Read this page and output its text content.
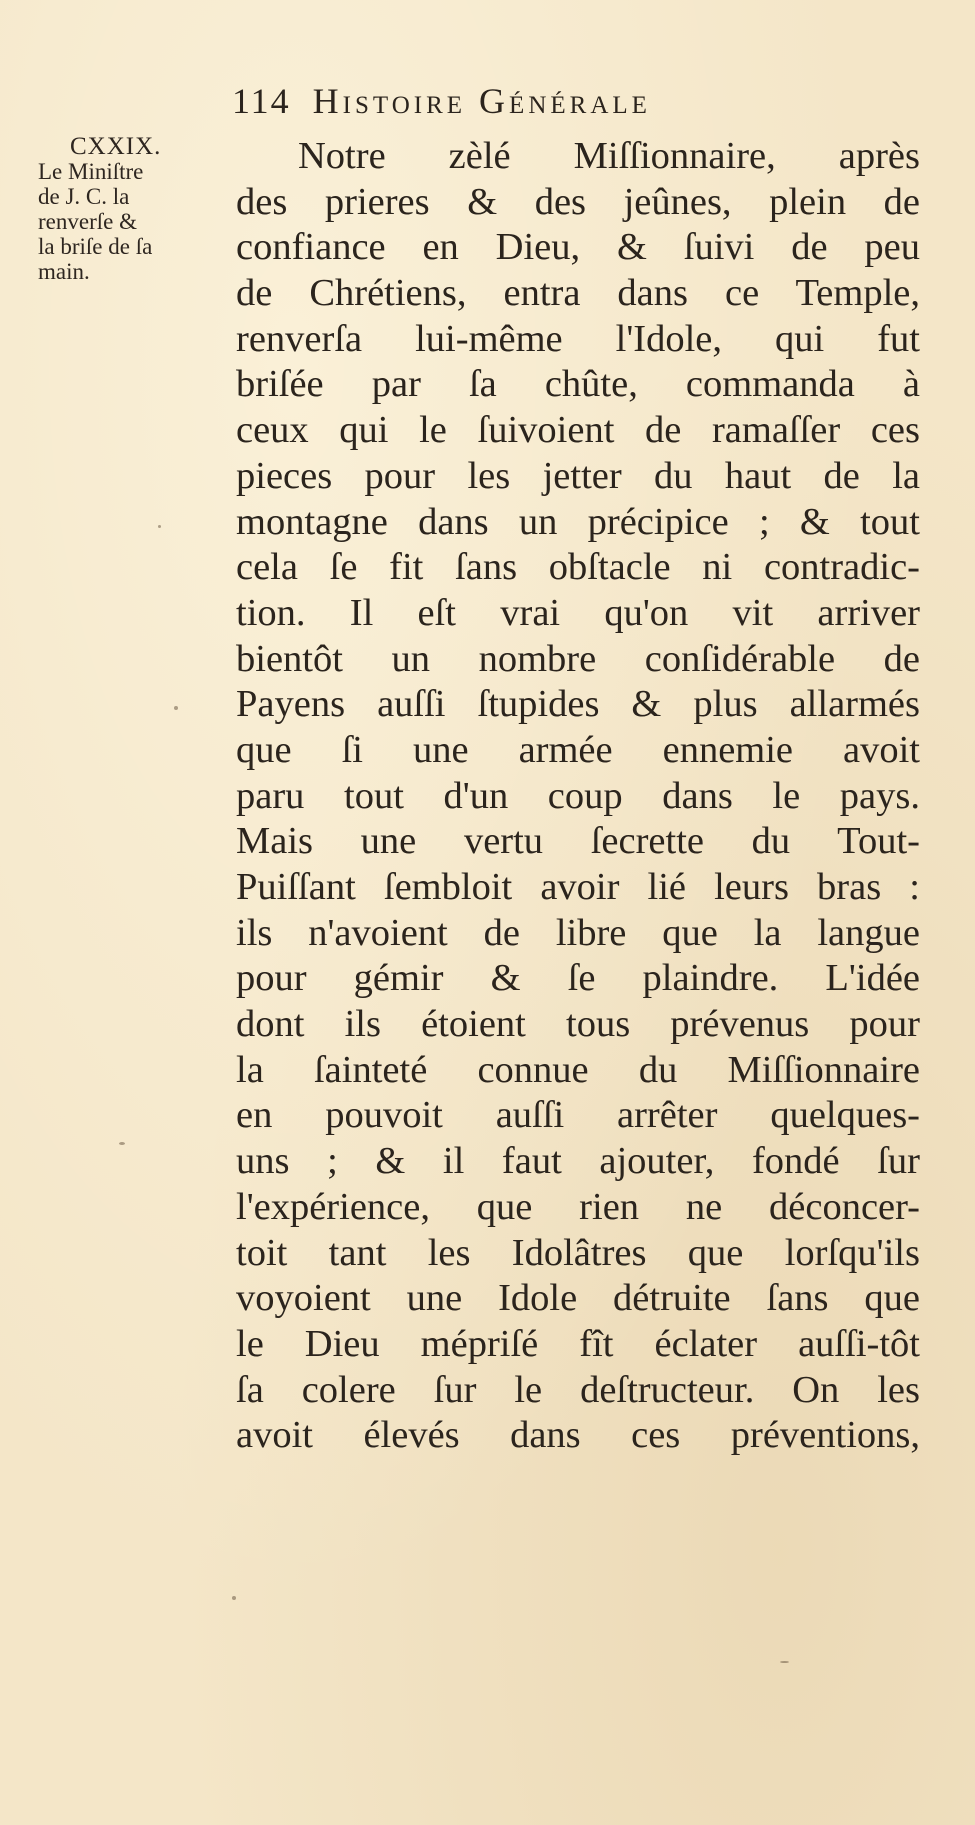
114 Histoire Générale
CXXIX.
Le Miniſtre
de J. C. la
renverſe &
la briſe de ſa
main.
Notre zèlé Miſſionnaire, après
des prieres & des jeûnes, plein de
confiance en Dieu, & ſuivi de peu
de Chrétiens, entra dans ce Temple,
renverſa lui-même l'Idole, qui fut
briſée par ſa chûte, commanda à
ceux qui le ſuivoient de ramaſſer ces
pieces pour les jetter du haut de la
montagne dans un précipice ; & tout
cela ſe fit ſans obſtacle ni contradic-
tion. Il eſt vrai qu'on vit arriver
bientôt un nombre conſidérable de
Payens auſſi ſtupides & plus allarmés
que ſi une armée ennemie avoit
paru tout d'un coup dans le pays.
Mais une vertu ſecrette du Tout-
Puiſſant ſembloit avoir lié leurs bras :
ils n'avoient de libre que la langue
pour gémir & ſe plaindre. L'idée
dont ils étoient tous prévenus pour
la ſainteté connue du Miſſionnaire
en pouvoit auſſi arrêter quelques-
uns ; & il faut ajouter, fondé ſur
l'expérience, que rien ne déconcer-
toit tant les Idolâtres que lorſqu'ils
voyoient une Idole détruite ſans que
le Dieu mépriſé fît éclater auſſi-tôt
ſa colere ſur le deſtructeur. On les
avoit élevés dans ces préventions,
